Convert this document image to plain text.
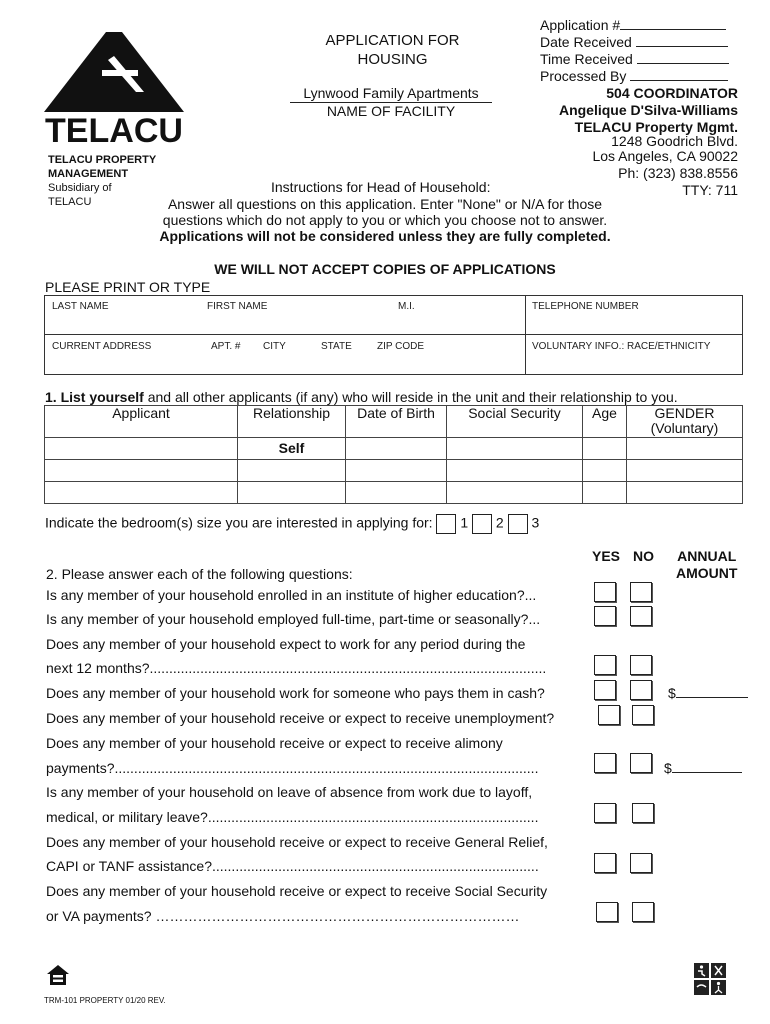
TELACU
TELACU PROPERTY
MANAGEMENT
Subsidiary of
TELACU
APPLICATION FOR
HOUSING
Lynwood Family Apartments
NAME OF FACILITY
Application #
Date Received
Time Received
Processed By
504 COORDINATOR
Angelique D'Silva-Williams
TELACU Property Mgmt.
1248 Goodrich Blvd.
Los Angeles, CA 90022
Ph: (323) 838.8556
TTY: 711
Instructions for Head of Household:
Answer all questions on this application. Enter "None" or N/A for those
questions which do not apply to you or which you choose not to answer.
Applications will not be considered unless they are fully completed.
WE WILL NOT ACCEPT COPIES OF APPLICATIONS
PLEASE PRINT OR TYPE
LAST NAME	FIRST NAME	M.I.	TELEPHONE NUMBER
CURRENT ADDRESS	APT. # CITY	STATE	ZIP CODE	VOLUNTARY INFO.: RACE/ETHNICITY
1. List yourself and all other applicants (if any) who will reside in the unit and their relationship to you.
Applicant	Relationship	Date of Birth	Social Security	Age	GENDER (Voluntary)
	Self				

Indicate the bedroom(s) size you are interested in applying for: 1 2 3
YES NO ANNUAL
AMOUNT
2. Please answer each of the following questions:
Is any member of your household enrolled in an institute of higher education?...
Is any member of your household employed full-time, part-time or seasonally?...
Does any member of your household expect to work for any period during the
next 12 months?......................................................................................................
Does any member of your household work for someone who pays them in cash?
Does any member of your household receive or expect to receive unemployment?
Does any member of your household receive or expect to receive alimony
payments?.............................................................................................................
Is any member of your household on leave of absence from work due to layoff,
medical, or military leave?.....................................................................................
Does any member of your household receive or expect to receive General Relief,
CAPI or TANF assistance?....................................................................................
Does any member of your household receive or expect to receive Social Security
or VA payments? ……………………………………………………………………
$
$
TRM-101 PROPERTY 01/20 REV.
